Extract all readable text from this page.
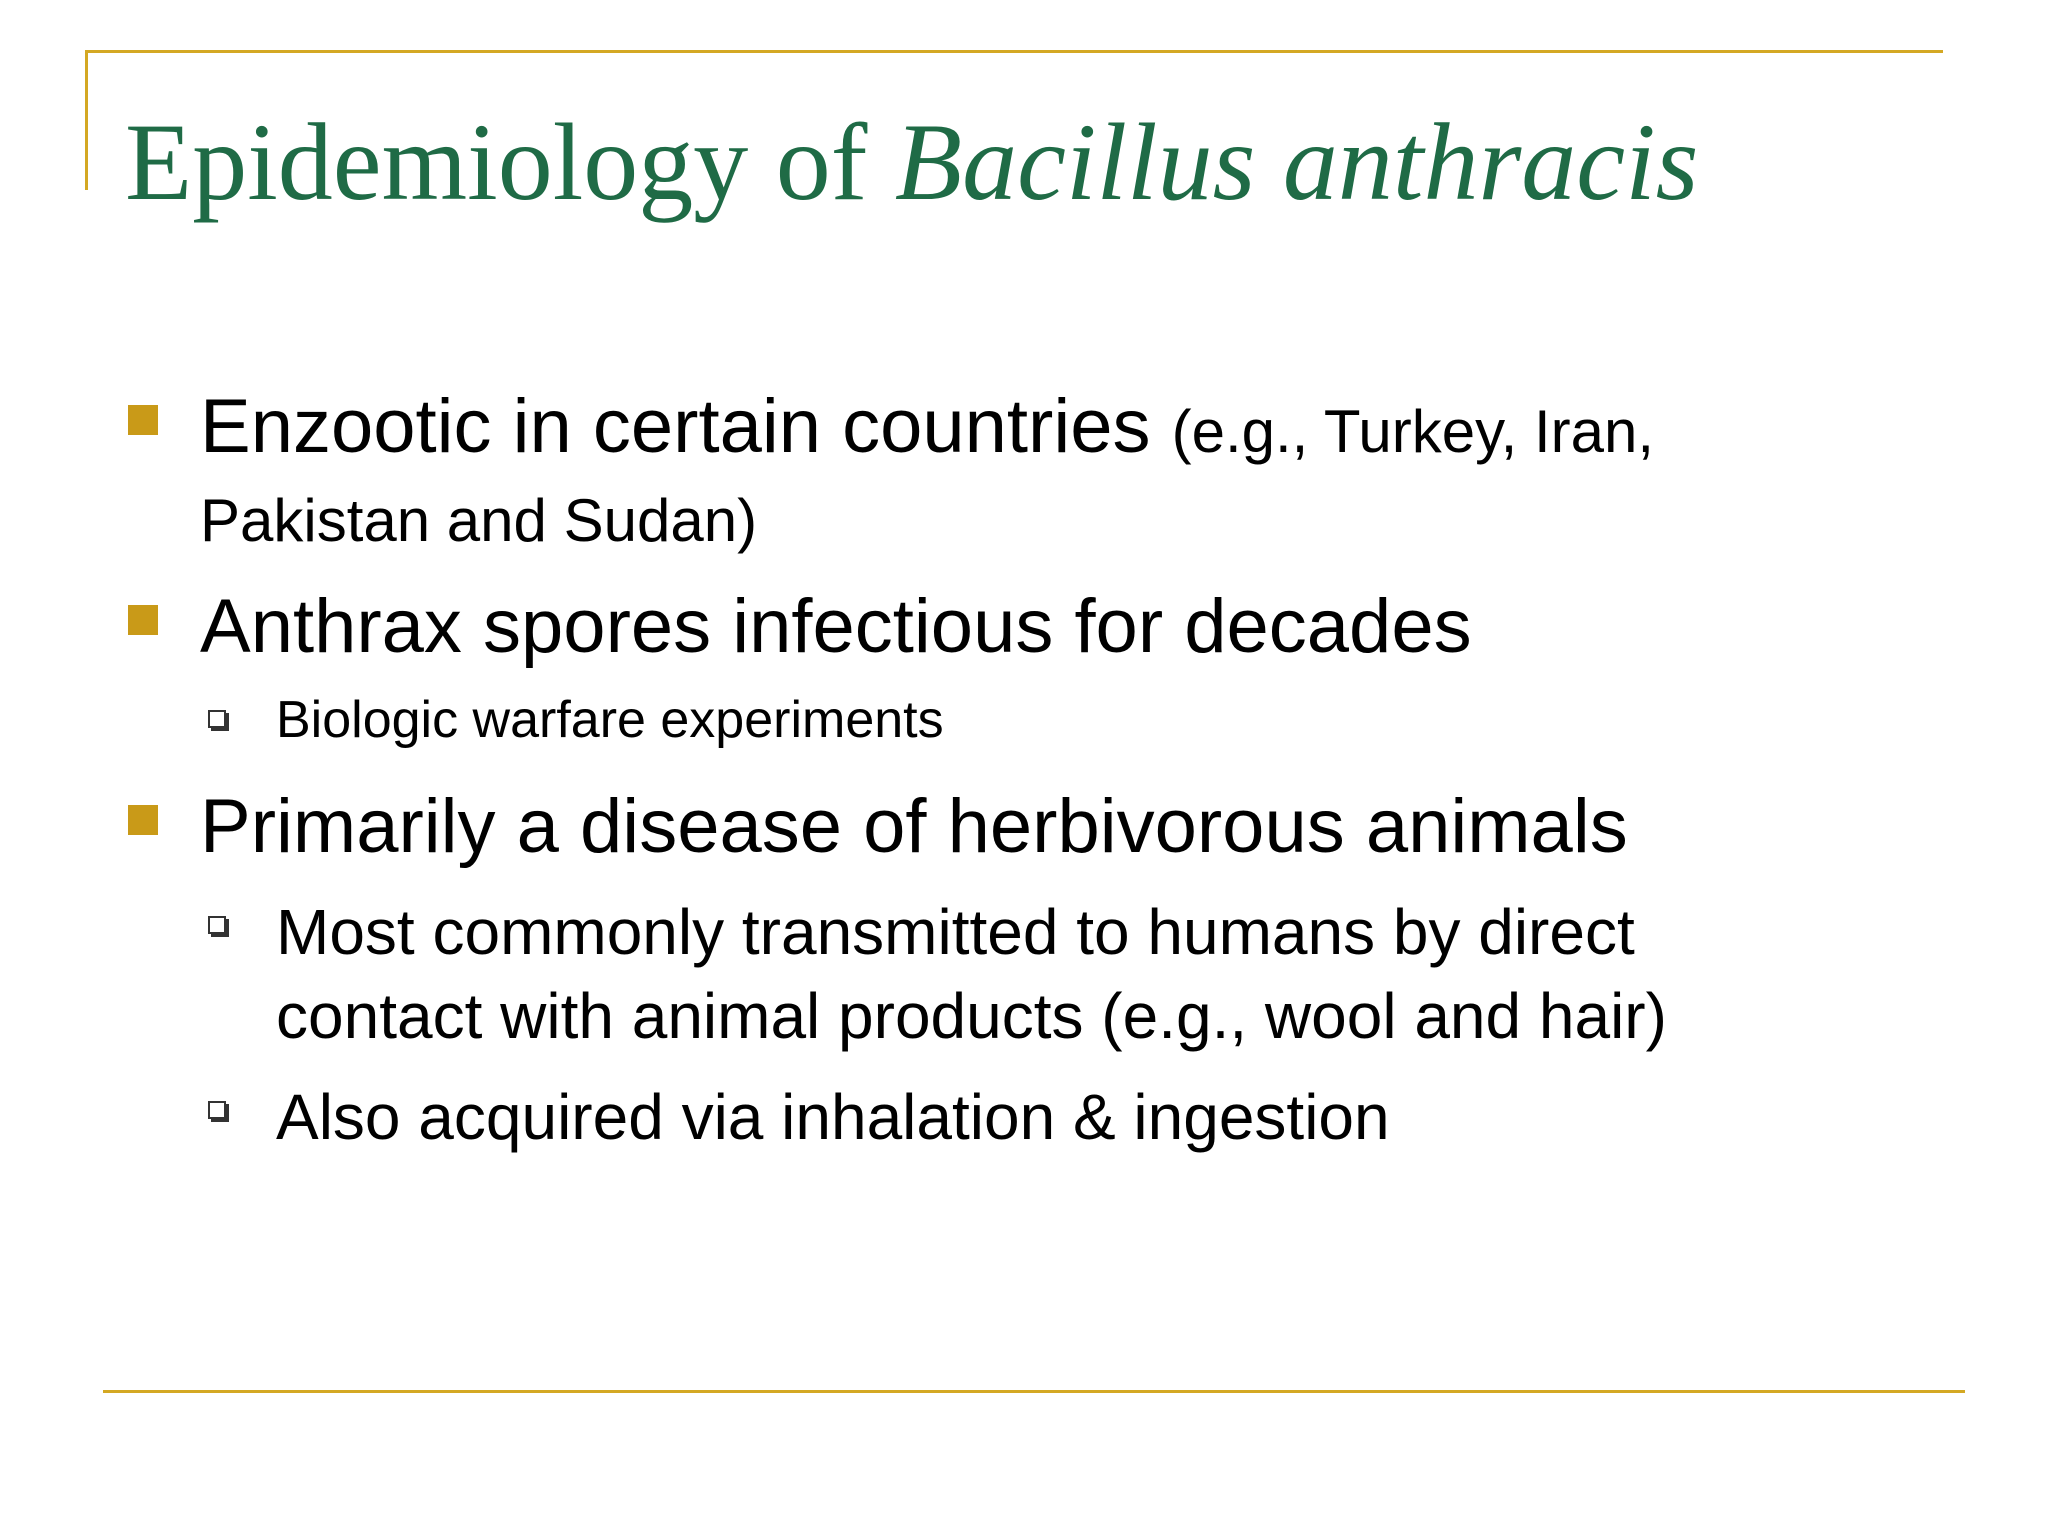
Epidemiology of Bacillus anthracis
Enzootic in certain countries (e.g., Turkey, Iran, Pakistan and Sudan)
Anthrax spores infectious for decades
Biologic warfare experiments
Primarily a disease of herbivorous animals
Most commonly transmitted to humans by direct contact with animal products (e.g., wool and hair)
Also acquired via inhalation & ingestion
